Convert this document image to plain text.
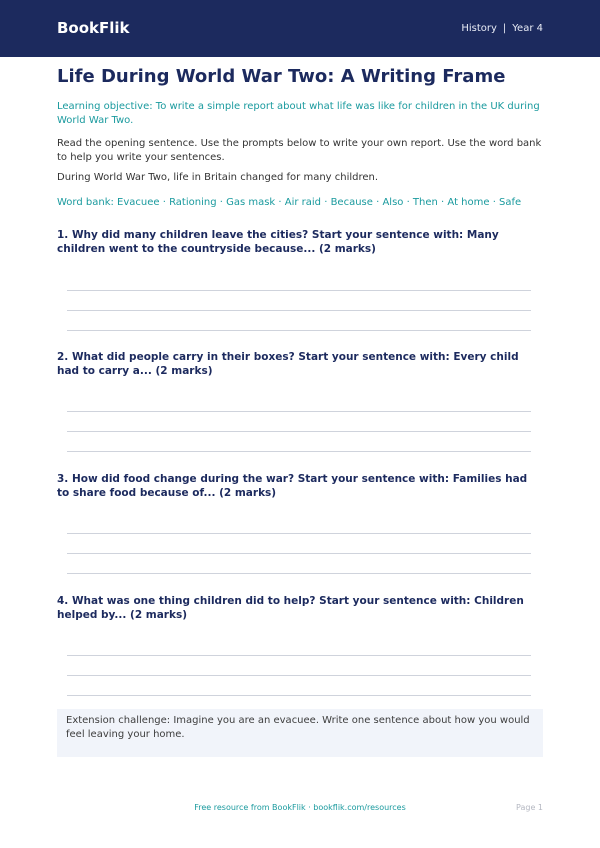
BookFlik	History | Year 4
Life During World War Two: A Writing Frame
Learning objective: To write a simple report about what life was like for children in the UK during World War Two.
Read the opening sentence. Use the prompts below to write your own report. Use the word bank to help you write your sentences.
During World War Two, life in Britain changed for many children.
Word bank: Evacuee · Rationing · Gas mask · Air raid · Because · Also · Then · At home · Safe
1. Why did many children leave the cities? Start your sentence with: Many children went to the countryside because... (2 marks)
2. What did people carry in their boxes? Start your sentence with: Every child had to carry a... (2 marks)
3. How did food change during the war? Start your sentence with: Families had to share food because of... (2 marks)
4. What was one thing children did to help? Start your sentence with: Children helped by... (2 marks)
Extension challenge: Imagine you are an evacuee. Write one sentence about how you would feel leaving your home.
Free resource from BookFlik · bookflik.com/resources	Page 1
